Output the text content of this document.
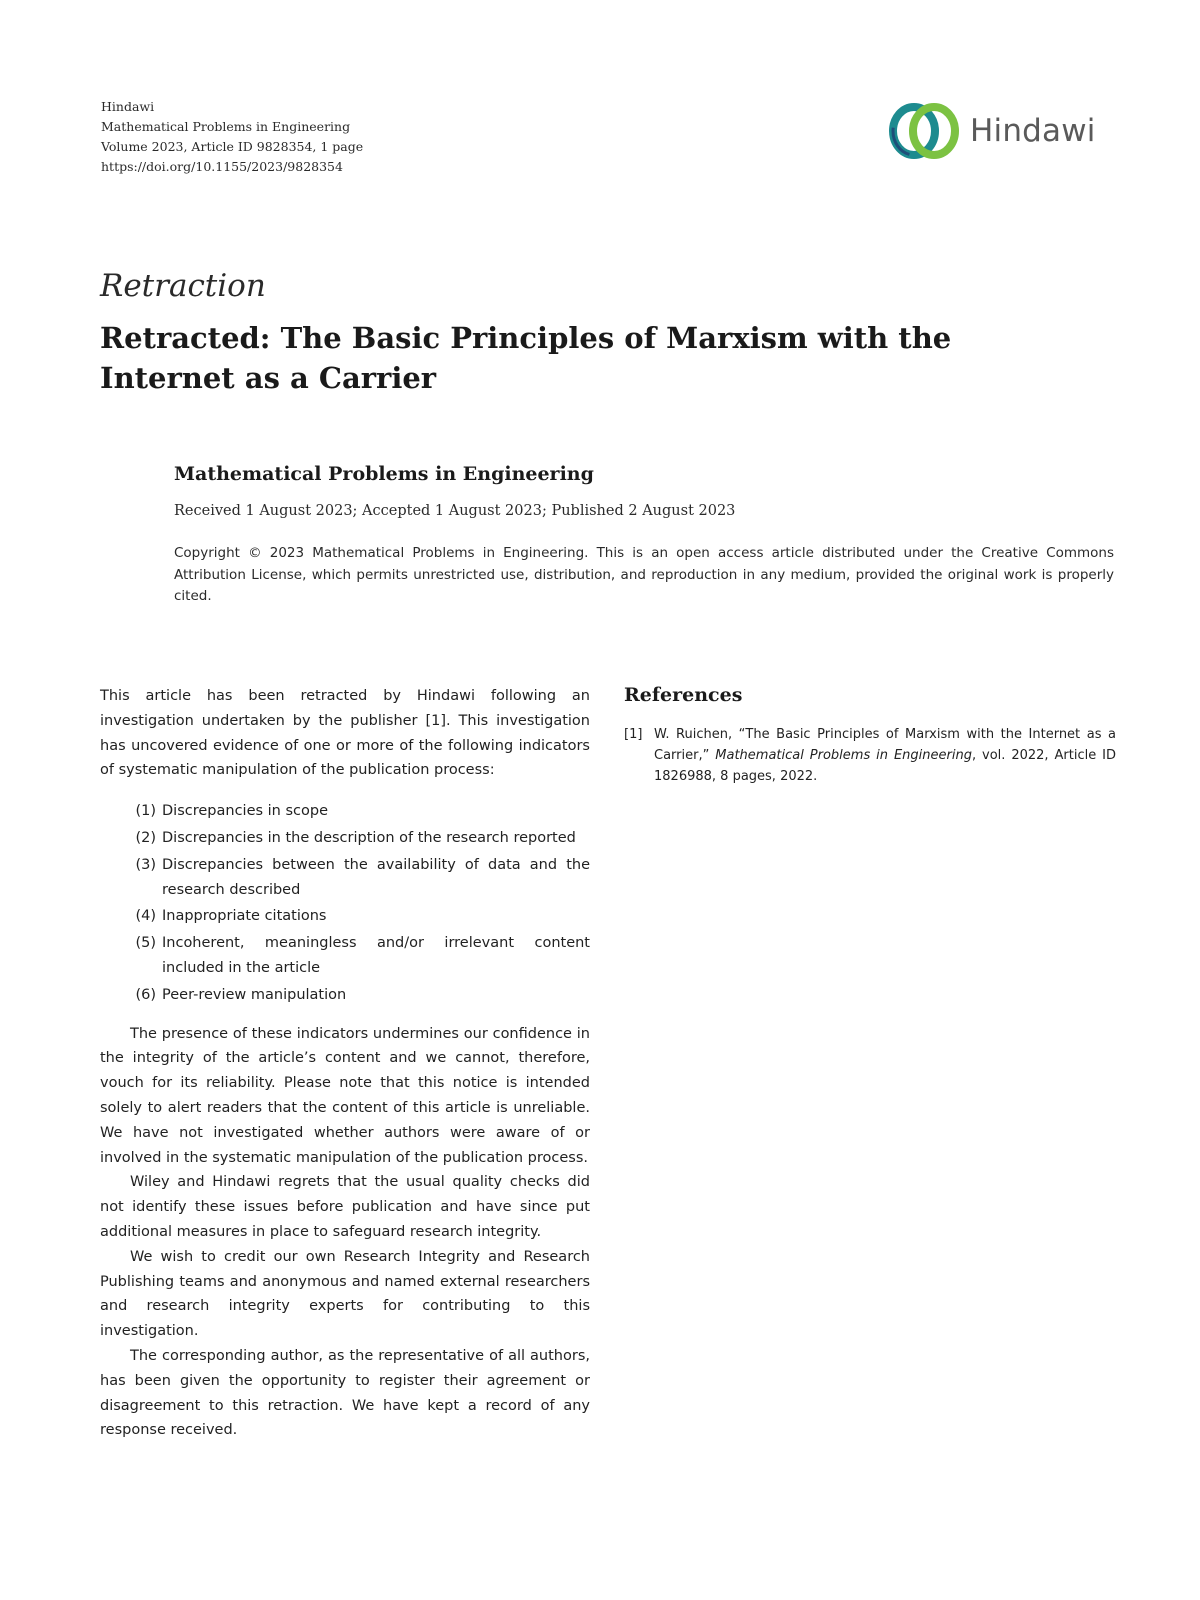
Hindawi
Mathematical Problems in Engineering
Volume 2023, Article ID 9828354, 1 page
https://doi.org/10.1155/2023/9828354
Hindawi
Retraction
Retracted: The Basic Principles of Marxism with the Internet as a Carrier

Mathematical Problems in Engineering

Received 1 August 2023; Accepted 1 August 2023; Published 2 August 2023

Copyright © 2023 Mathematical Problems in Engineering. This is an open access article distributed under the Creative Commons Attribution License, which permits unrestricted use, distribution, and reproduction in any medium, provided the original work is properly cited.

This article has been retracted by Hindawi following an investigation undertaken by the publisher [1]. This investigation has uncovered evidence of one or more of the following indicators of systematic manipulation of the publication process:

(1) Discrepancies in scope
(2) Discrepancies in the description of the research reported
(3) Discrepancies between the availability of data and the research described
(4) Inappropriate citations
(5) Incoherent, meaningless and/or irrelevant content included in the article
(6) Peer-review manipulation

The presence of these indicators undermines our confidence in the integrity of the article’s content and we cannot, therefore, vouch for its reliability. Please note that this notice is intended solely to alert readers that the content of this article is unreliable. We have not investigated whether authors were aware of or involved in the systematic manipulation of the publication process.

Wiley and Hindawi regrets that the usual quality checks did not identify these issues before publication and have since put additional measures in place to safeguard research integrity.

We wish to credit our own Research Integrity and Research Publishing teams and anonymous and named external researchers and research integrity experts for contributing to this investigation.

The corresponding author, as the representative of all authors, has been given the opportunity to register their agreement or disagreement to this retraction. We have kept a record of any response received.

References
[1] W. Ruichen, “The Basic Principles of Marxism with the Internet as a Carrier,” Mathematical Problems in Engineering, vol. 2022, Article ID 1826988, 8 pages, 2022.
